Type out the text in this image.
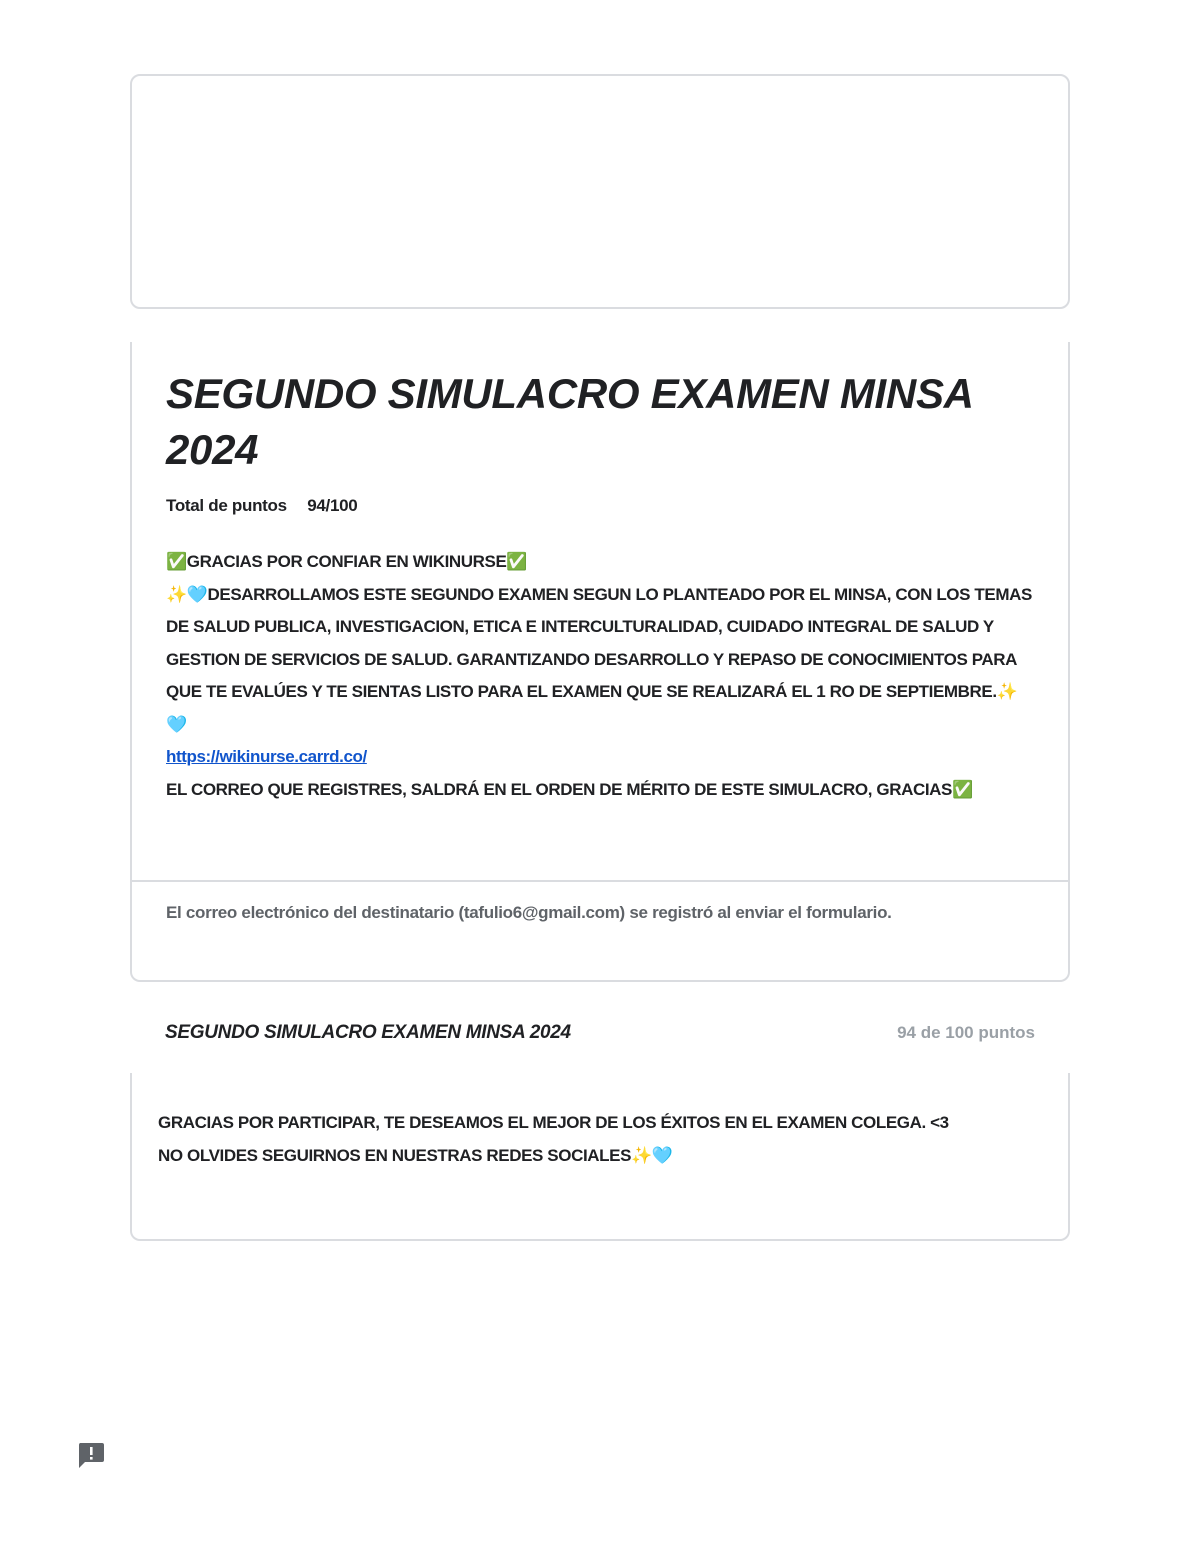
SEGUNDO SIMULACRO EXAMEN MINSA 2024
Total de puntos 94/100
✅GRACIAS POR CONFIAR EN WIKINURSE✅
✨🩵DESARROLLAMOS ESTE SEGUNDO EXAMEN SEGUN LO PLANTEADO POR EL MINSA, CON LOS TEMAS DE SALUD PUBLICA, INVESTIGACION, ETICA E INTERCULTURALIDAD, CUIDADO INTEGRAL DE SALUD Y GESTION DE SERVICIOS DE SALUD. GARANTIZANDO DESARROLLO Y REPASO DE CONOCIMIENTOS PARA QUE TE EVALÚES Y TE SIENTAS LISTO PARA EL EXAMEN QUE SE REALIZARÁ EL 1 RO DE SEPTIEMBRE.✨🩵
https://wikinurse.carrd.co/
EL CORREO QUE REGISTRES, SALDRÁ EN EL ORDEN DE MÉRITO DE ESTE SIMULACRO, GRACIAS✅
El correo electrónico del destinatario (tafulio6@gmail.com) se registró al enviar el formulario.
SEGUNDO SIMULACRO EXAMEN MINSA 2024	94 de 100 puntos
GRACIAS POR PARTICIPAR, TE DESEAMOS EL MEJOR DE LOS ÉXITOS EN EL EXAMEN COLEGA. <3
NO OLVIDES SEGUIRNOS EN NUESTRAS REDES SOCIALES✨🩵
